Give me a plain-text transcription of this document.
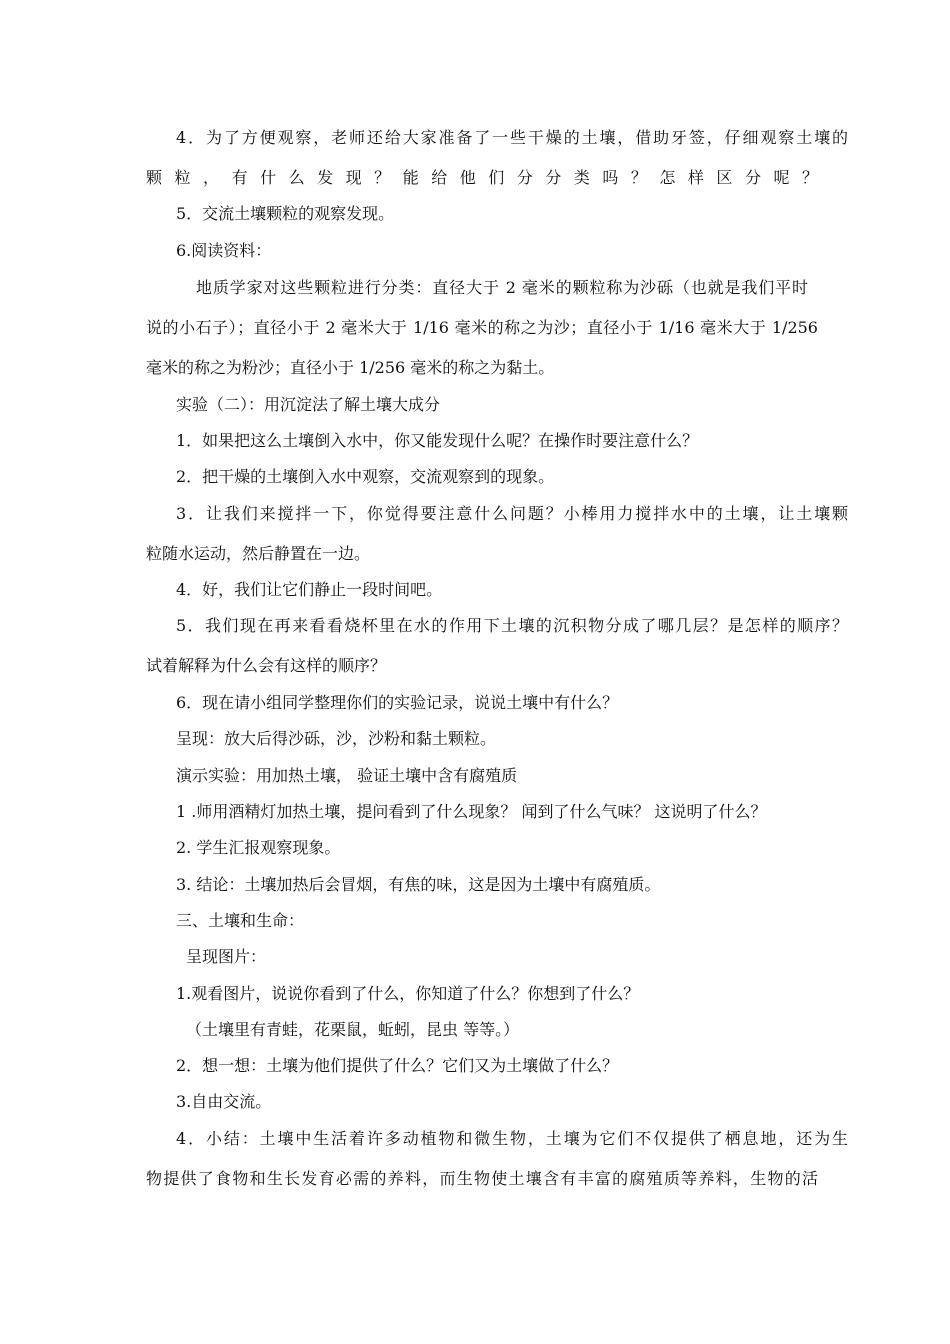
4．为了方便观察，老师还给大家准备了一些干燥的土壤，借助牙签，仔细观察土壤的
颗粒，有什么发现？能给他们分分类吗？怎样区分呢？
5．交流土壤颗粒的观察发现。
6.阅读资料：
地质学家对这些颗粒进行分类：直径大于 2 毫米的颗粒称为沙砾（也就是我们平时
说的小石子）；直径小于 2 毫米大于 1/16 毫米的称之为沙；直径小于 1/16 毫米大于 1/256
毫米的称之为粉沙；直径小于 1/256 毫米的称之为黏土。
实验（二）：用沉淀法了解土壤大成分
1．如果把这么土壤倒入水中，你又能发现什么呢？在操作时要注意什么？
2．把干燥的土壤倒入水中观察，交流观察到的现象。
3．让我们来搅拌一下，你觉得要注意什么问题？小棒用力搅拌水中的土壤，让土壤颗
粒随水运动，然后静置在一边。
4．好，我们让它们静止一段时间吧。
5．我们现在再来看看烧杯里在水的作用下土壤的沉积物分成了哪几层？是怎样的顺序？
试着解释为什么会有这样的顺序？
6．现在请小组同学整理你们的实验记录，说说土壤中有什么？
呈现：放大后得沙砾，沙，沙粉和黏土颗粒。
演示实验：用加热土壤， 验证土壤中含有腐殖质
1 .师用酒精灯加热土壤，提问看到了什么现象？ 闻到了什么气味？ 这说明了什么？
2. 学生汇报观察现象。
3. 结论：土壤加热后会冒烟，有焦的味，这是因为土壤中有腐殖质。
三、土壤和生命：
呈现图片：
1.观看图片，说说你看到了什么，你知道了什么？你想到了什么？
（土壤里有青蛙，花栗鼠，蚯蚓，昆虫 等等。）
2．想一想：土壤为他们提供了什么？它们又为土壤做了什么？
3.自由交流。
4．小结：土壤中生活着许多动植物和微生物，土壤为它们不仅提供了栖息地，还为生
物提供了食物和生长发育必需的养料，而生物使土壤含有丰富的腐殖质等养料，生物的活
